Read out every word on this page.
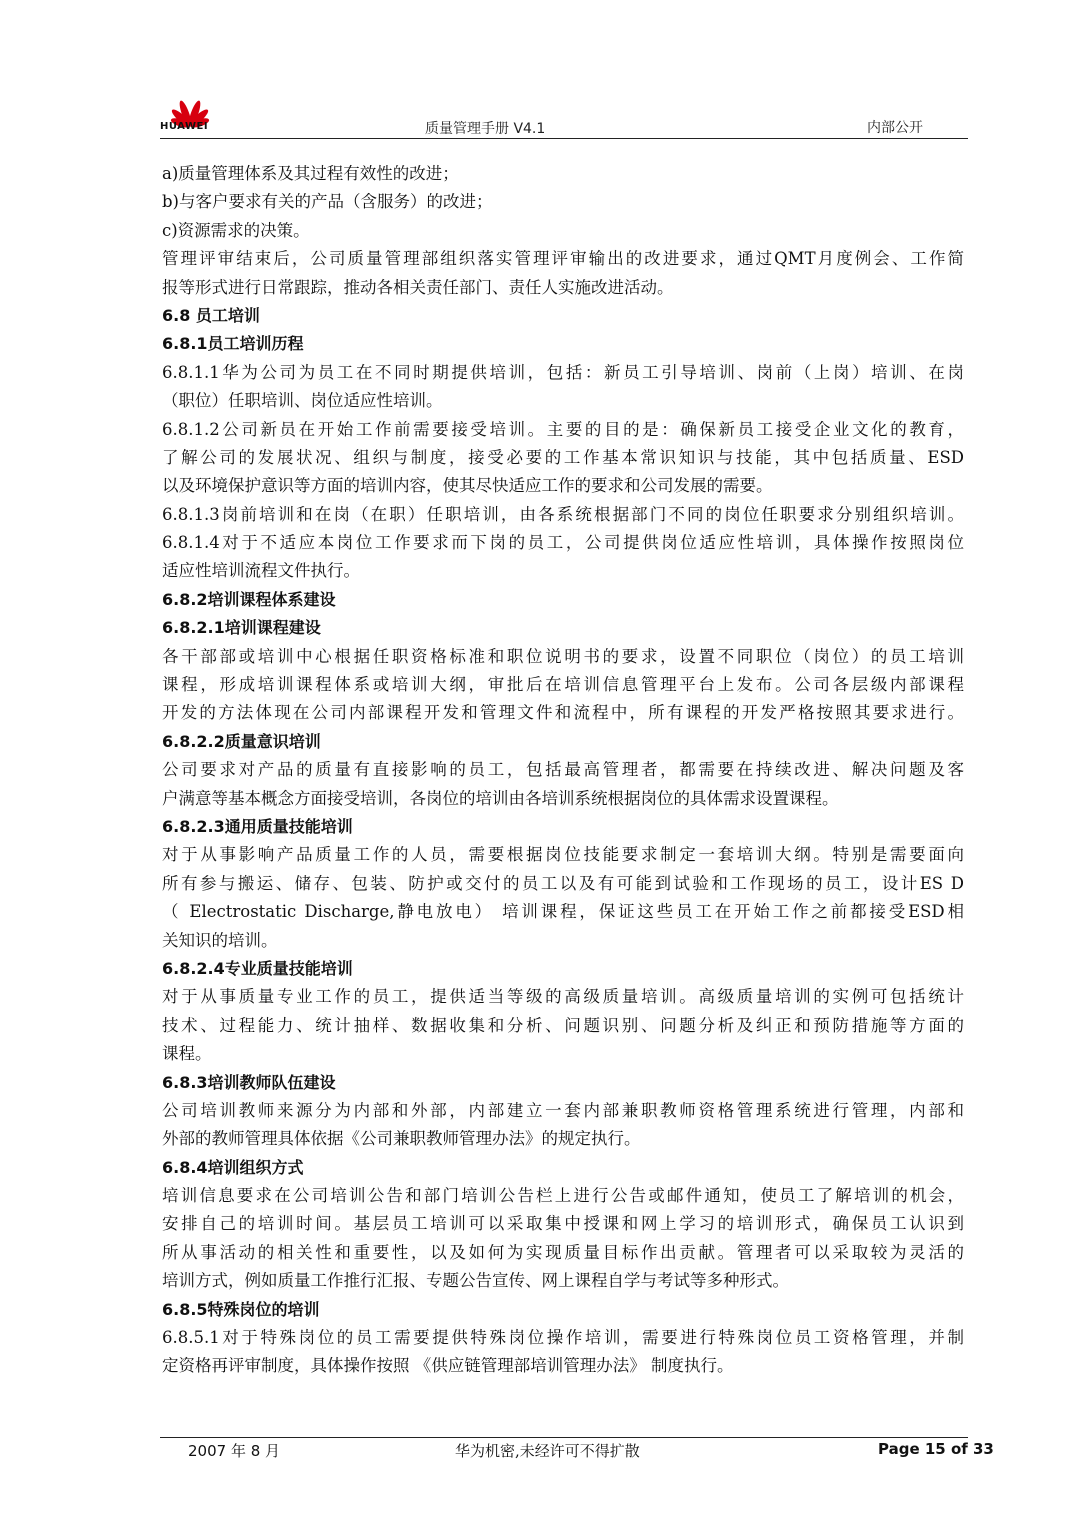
HUAWEI	质量管理手册 V4.1	内部公开
a)质量管理体系及其过程有效性的改进；
b)与客户要求有关的产品（含服务）的改进；
c)资源需求的决策。
管理评审结束后，公司质量管理部组织落实管理评审输出的改进要求，通过QMT月度例会、工作简
报等形式进行日常跟踪，推动各相关责任部门、责任人实施改进活动。
6.8 员工培训
6.8.1员工培训历程
6.8.1.1华为公司为员工在不同时期提供培训，包括：新员工引导培训、岗前（上岗）培训、在岗
（职位）任职培训、岗位适应性培训。
6.8.1.2公司新员在开始工作前需要接受培训。主要的目的是：确保新员工接受企业文化的教育，
了解公司的发展状况、组织与制度，接受必要的工作基本常识知识与技能，其中包括质量、ESD
以及环境保护意识等方面的培训内容，使其尽快适应工作的要求和公司发展的需要。
6.8.1.3岗前培训和在岗（在职）任职培训，由各系统根据部门不同的岗位任职要求分别组织培训。
6.8.1.4对于不适应本岗位工作要求而下岗的员工，公司提供岗位适应性培训，具体操作按照岗位
适应性培训流程文件执行。
6.8.2培训课程体系建设
6.8.2.1培训课程建设
各干部部或培训中心根据任职资格标准和职位说明书的要求，设置不同职位（岗位）的员工培训
课程，形成培训课程体系或培训大纲，审批后在培训信息管理平台上发布。公司各层级内部课程
开发的方法体现在公司内部课程开发和管理文件和流程中，所有课程的开发严格按照其要求进行。
6.8.2.2质量意识培训
公司要求对产品的质量有直接影响的员工，包括最高管理者，都需要在持续改进、解决问题及客
户满意等基本概念方面接受培训，各岗位的培训由各培训系统根据岗位的具体需求设置课程。
6.8.2.3通用质量技能培训
对于从事影响产品质量工作的人员，需要根据岗位技能要求制定一套培训大纲。特别是需要面向
所有参与搬运、储存、包装、防护或交付的员工以及有可能到试验和工作现场的员工，设计ES D
（ Electrostatic Discharge,静电放电） 培训课程，保证这些员工在开始工作之前都接受ESD相
关知识的培训。
6.8.2.4专业质量技能培训
对于从事质量专业工作的员工，提供适当等级的高级质量培训。高级质量培训的实例可包括统计
技术、过程能力、统计抽样、数据收集和分析、问题识别、问题分析及纠正和预防措施等方面的
课程。
6.8.3培训教师队伍建设
公司培训教师来源分为内部和外部，内部建立一套内部兼职教师资格管理系统进行管理，内部和
外部的教师管理具体依据《公司兼职教师管理办法》的规定执行。
6.8.4培训组织方式
培训信息要求在公司培训公告和部门培训公告栏上进行公告或邮件通知，使员工了解培训的机会，
安排自己的培训时间。基层员工培训可以采取集中授课和网上学习的培训形式，确保员工认识到
所从事活动的相关性和重要性，以及如何为实现质量目标作出贡献。管理者可以采取较为灵活的
培训方式，例如质量工作推行汇报、专题公告宣传、网上课程自学与考试等多种形式。
6.8.5特殊岗位的培训
6.8.5.1对于特殊岗位的员工需要提供特殊岗位操作培训，需要进行特殊岗位员工资格管理，并制
定资格再评审制度，具体操作按照 《供应链管理部培训管理办法》 制度执行。
2007 年 8 月	华为机密,未经许可不得扩散	Page 15 of 33
